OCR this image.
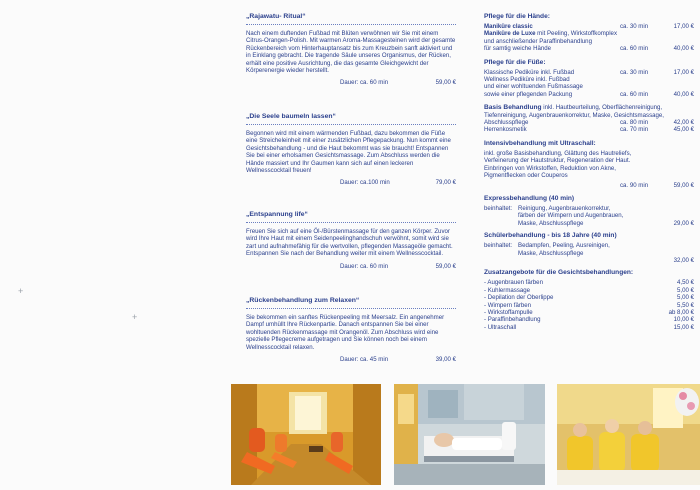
„Rajawatu- Ritual“

Nach einem duftenden Fußbad mit Blüten verwöhnen wir Sie mit einem Citrus-Orangen-Polish. Mit warmen Aroma-Massagesteinen wird der gesamte Rückenbereich vom Hinterhauptansatz bis zum Kreuzbein sanft aktiviert und in Einklang gebracht. Die tragende Säule unseres Organismus, der Rücken, erhält eine positive Ausrichtung, die das gesamte Gleichgewicht der Körperenergie wieder herstellt.

Dauer: ca. 60 min	59,00 €
„Die Seele baumeln lassen“

Begonnen wird mit einem wärmenden Fußbad, dazu bekommen die Füße eine Streicheleinheit mit einer zusätzlichen Pflegepackung. Nun kommt eine Gesichtsbehandlung - und die Haut bekommt was sie braucht! Entspannen Sie bei einer erholsamen Gesichtsmassage. Zum Abschluss werden die Hände massiert und Ihr Gaumen kann sich auf einen leckeren Wellnesscocktail freuen!

Dauer: ca.100 min	79,00 €
„Entspannung life“

Freuen Sie sich auf eine Öl-/Bürstenmassage für den ganzen Körper. Zuvor wird Ihre Haut mit einem Seidenpeelinghandschuh verwöhnt, somit wird sie zart und aufnahmefähig für die wertvollen, pflegenden Massageöle gemacht. Entspannen Sie nach der Behandlung weiter mit einem Wellnesscocktail.

Dauer: ca. 60 min	59,00 €
„Rückenbehandlung zum Relaxen“

Sie bekommen ein sanftes Rückenpeeling mit Meersalz. Ein angenehmer Dampf umhüllt Ihre Rückenpartie. Danach entspannen Sie bei einer wohltuenden Rückenmassage mit Orangenöl. Zum Abschluss wird eine spezielle Pflegecreme aufgetragen und Sie können noch bei einem Wellnesscocktail relaxen.

Dauer: ca. 45 min	39,00 €
Pflege für die Hände:
Maniküre classic	ca. 30 min	17,00 €
Maniküre de Luxe mit Peeling, Wirkstoffkomplex
und anschließender Paraffinbehandlung
für samtig weiche Hände	ca. 60 min	40,00 €
Pflege für die Füße:
Klassische Pediküre inkl. Fußbad	ca. 30 min	17,00 €
Wellness Pediküre inkl. Fußbad
und einer wohltuenden Fußmassage
sowie einer pflegenden Packung	ca. 60 min	40,00 €
Basis Behandlung inkl. Hautbeurteilung, Oberflächenreinigung,
Tiefenreinigung, Augenbrauenkorrektur, Maske, Gesichtsmassage,
Abschlusspflege	ca. 80 min	42,00 €
Herrenkosmetik	ca. 70 min	45,00 €
Intensivbehandlung mit Ultraschall:
inkl. große Basisbehandlung, Glättung des Hautreliefs,
Verfeinerung der Hautstruktur, Regeneration der Haut.
Einbringen von Wirkstoffen, Reduktion von Akne,
Pigmentflecken oder Couperos
ca. 90 min	59,00 €
Expressbehandlung (40 min)
beinhaltet: Reinigung, Augenbrauenkorrektur,
färben der Wimpern und Augenbrauen,
Maske, Abschlusspflege	29,00 €
Schülerbehandlung - bis 18 Jahre (40 min)
beinhaltet: Bedampfen, Peeling, Ausreinigen,
Maske, Abschlusspflege
32,00 €
Zusatzangebote für die Gesichtsbehandlungen:
- Augenbrauen färben	4,50 €
- Kuhlermassage	5,00 €
- Depilation der Oberlippe	5,00 €
- Wimpern färben	5,50 €
- Wirkstoffampulle	ab 8,00 €
- Paraffinbehandlung	10,00 €
- Ultraschall	15,00 €
+
+
